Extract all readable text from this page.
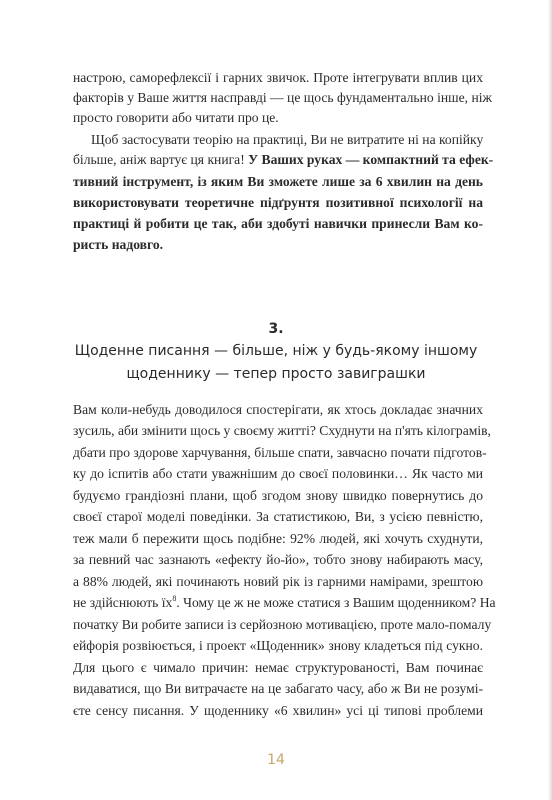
настрою, саморефлексії і гарних звичок. Проте інтегрувати вплив цих
факторів у Ваше життя насправді — це щось фундаментально інше, ніж
просто говорити або читати про це.
Щоб застосувати теорію на практиці, Ви не витратите ні на копійку
більше, аніж вартує ця книга! У Ваших руках — компактний та ефек-
тивний інструмент, із яким Ви зможете лише за 6 хвилин на день
використовувати теоретичне підґрунтя позитивної психології на
практиці й робити це так, аби здобуті навички принесли Вам ко-
ристь надовго.
3.
Щоденне писання — більше, ніж у будь-якому іншому
щоденнику — тепер просто завиграшки
Вам коли-небудь доводилося спостерігати, як хтось докладає значних
зусиль, аби змінити щось у своєму житті? Схуднути на п'ять кілограмів,
дбати про здорове харчування, більше спати, завчасно почати підготов-
ку до іспитів або стати уважнішим до своєї половинки… Як часто ми
будуємо грандіозні плани, щоб згодом знову швидко повернутись до
своєї старої моделі поведінки. За статистикою, Ви, з усією певністю,
теж мали б пережити щось подібне: 92% людей, які хочуть схуднути,
за певний час зазнають «ефекту йо-йо», тобто знову набирають масу,
а 88% людей, які починають новий рік із гарними намірами, зрештою
не здійснюють $їх^8$. Чому це ж не може статися з Вашим щоденником? На
початку Ви робите записи із серйозною мотивацією, проте мало-помалу
ейфорія розвіюється, і проект «Щоденник» знову кладеться під сукно.
Для цього є чимало причин: немає структурованості, Вам починає
видаватися, що Ви витрачаєте на це забагато часу, або ж Ви не розумі-
єте сенсу писання. У щоденнику «6 хвилин» усі ці типові проблеми
14
